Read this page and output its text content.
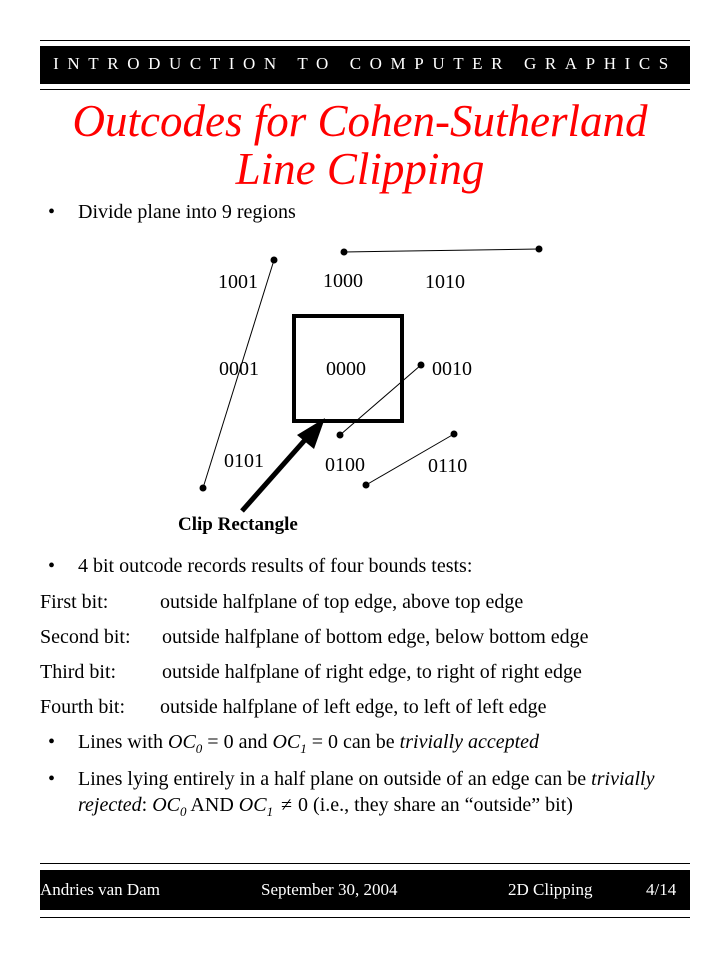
INTRODUCTION TO COMPUTER GRAPHICS
Outcodes for Cohen-Sutherland
Line Clipping
• Divide plane into 9 regions
1001	1000	1010
0001	0000	0010
0101	0100	0110
Clip Rectangle
• 4 bit outcode records results of four bounds tests:
First bit:	outside halfplane of top edge, above top edge
Second bit: outside halfplane of bottom edge, below bottom edge
Third bit: outside halfplane of right edge, to right of right edge
Fourth bit: outside halfplane of left edge, to left of left edge
• Lines with $OC_0 = 0$ and $OC_1 = 0$ can be trivially accepted
• Lines lying entirely in a half plane on outside of an edge can be trivially rejected: $OC_0$ AND $OC_1 \ne 0$ (i.e., they share an “outside” bit)
Andries van Dam	September 30, 2004	2D Clipping	4/14
